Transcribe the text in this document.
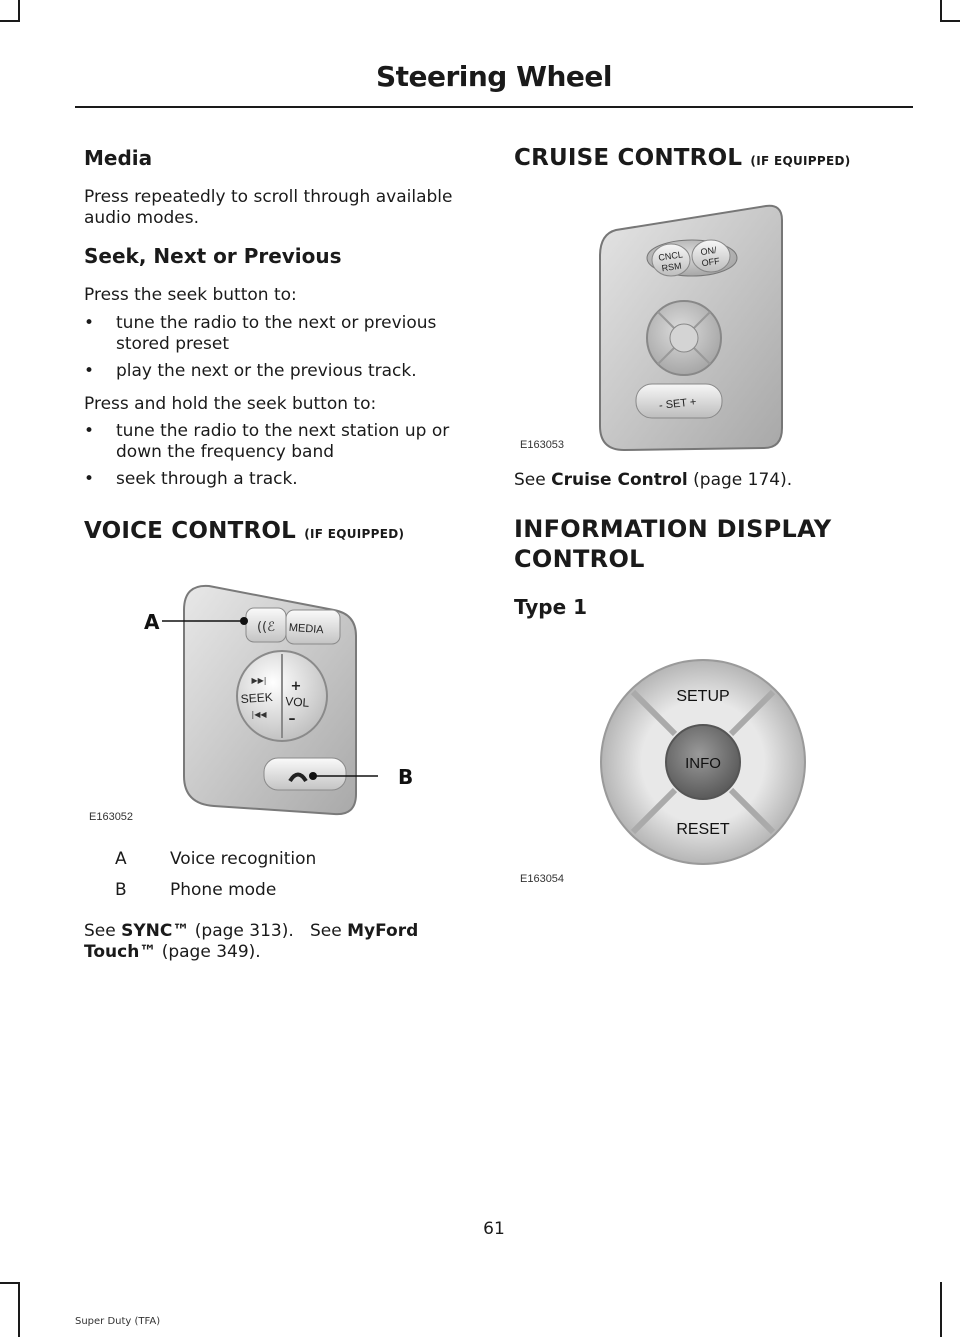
Steering Wheel
Media
Press repeatedly to scroll through available audio modes.
Seek, Next or Previous
Press the seek button to:
• tune the radio to the next or previous stored preset
• play the next or the previous track.
Press and hold the seek button to:
• tune the radio to the next station up or down the frequency band
• seek through a track.
VOICE CONTROL (IF EQUIPPED)
((ℰ MEDIA
SEEK
▶▶|
|◀◀
+
VOL
–
A
B
E163052
A	Voice recognition
B	Phone mode
See SYNC™ (page 313). See MyFord Touch™ (page 349).
CRUISE CONTROL (IF EQUIPPED)
CNCL
RSM
ON/
OFF
- SET +
E163053
See Cruise Control (page 174).
INFORMATION DISPLAY
CONTROL
Type 1
SETUP
INFO
RESET
E163054
61
Super Duty (TFA)
